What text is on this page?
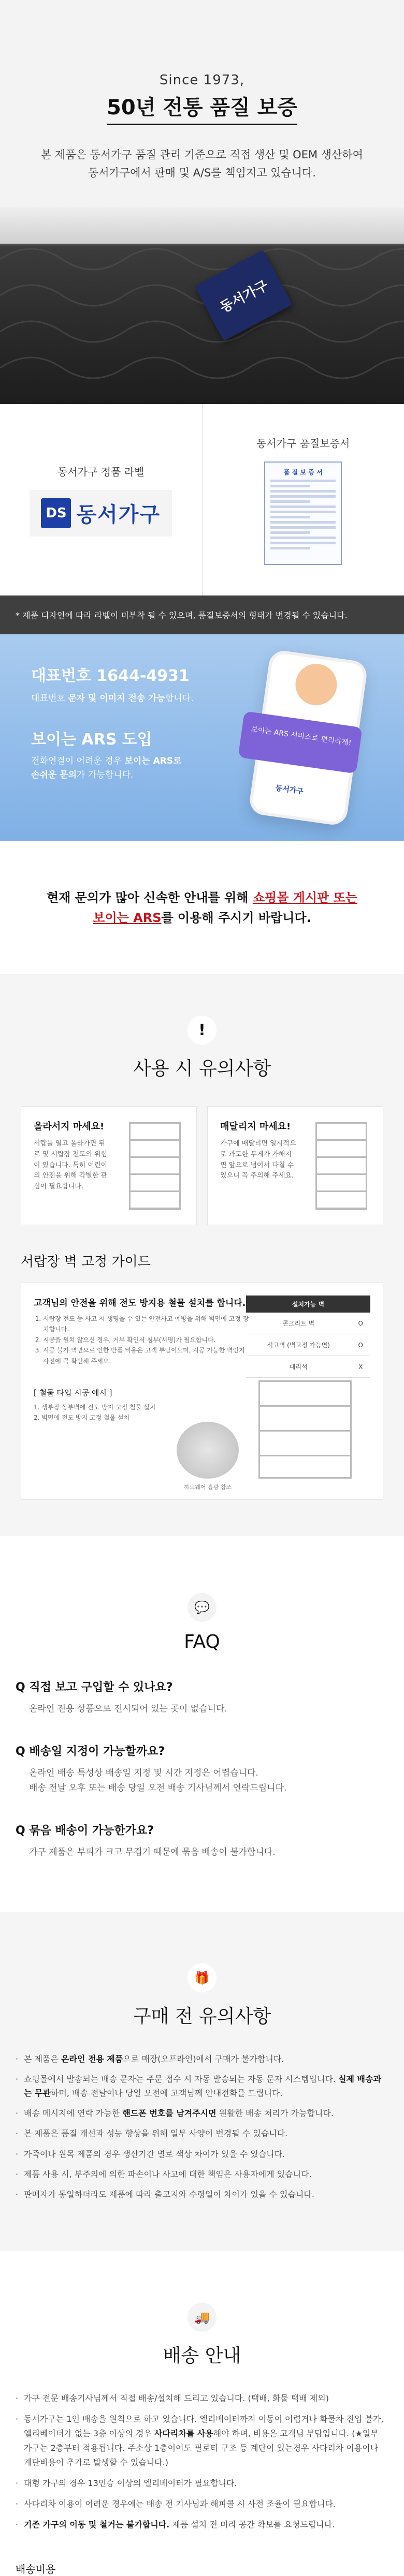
Since 1973,
50년 전통 품질 보증
본 제품은 동서가구 품질 관리 기준으로 직접 생산 및 OEM 생산하여
동서가구에서 판매 및 A/S를 책임지고 있습니다.
동서가구
동서가구 정품 라벨
DS 동서가구
동서가구 품질보증서
품 질 보 증 서
* 제품 디자인에 따라 라벨이 미부착 될 수 있으며, 품질보증서의 형태가 변경될 수 있습니다.
대표번호 1644-4931
대표번호 문자 및 이미지 전송 가능합니다.
보이는 ARS 도입
전화연결이 어려운 경우 보이는 ARS로
손쉬운 문의가 가능합니다.
보이는 ARS 서비스로 편리하게!
동서가구
현재 문의가 많아 신속한 안내를 위해 쇼핑몰 게시판 또는
보이는 ARS를 이용해 주시기 바랍니다.
!
사용 시 유의사항
올라서지 마세요!

서랍을 열고 올라가면 뒤로 및 서랍장 전도의 위험이 있습니다. 특히 어린이의 안전을 위해 각별한 관심이 필요합니다.

매달리지 마세요!

가구에 매달리면 일시적으로 과도한 무게가 가해지면 앞으로 넘어서 다칠 수 있으니 꼭 주의해 주세요.

서랍장 벽 고정 가이드
고객님의 안전을 위해 전도 방지용 철물 설치를 합니다.
1. 서랍장 전도 등 사고 시 생명을 수 있는 안전사고 예방을 위해 벽면에 고정 장치합니다.
2. 시공을 원치 않으신 경우, 거부 확인서 첨부(서명)가 필요합니다.
3. 시공 불가 벽면으로 인한 반품 비용은 고객 부담이오며, 시공 가능한 벽인지 사전에 꼭 확인해 주세요.
설치가능 벽	
콘크리트 벽	O
석고벽 (벽고정 가능면)	O
대리석	X
[ 철물 타입 시공 예시 ]
1. 생부장 상부벽에 전도 방지 고정 철물 설치
2. 벽면에 전도 방지 고정 철물 설치
하드웨어 흡광 참조
💬
FAQ
Q 직접 보고 구입할 수 있나요?
온라인 전용 상품으로 전시되어 있는 곳이 없습니다.
Q 배송일 지정이 가능할까요?
온라인 배송 특성상 배송일 지정 및 시간 지정은 어렵습니다.
배송 전날 오후 또는 배송 당일 오전 배송 기사님께서 연락드립니다.
Q 묶음 배송이 가능한가요?
가구 제품은 부피가 크고 무겁기 때문에 묶음 배송이 불가합니다.
🎁
구매 전 유의사항
· 본 제품은 온라인 전용 제품으로 매장(오프라인)에서 구매가 불가합니다.
· 쇼핑몰에서 발송되는 배송 문자는 주문 접수 시 자동 발송되는 자동 문자 시스템입니다. 실제 배송과는 무관하며, 배송 전날이나 당일 오전에 고객님께 안내전화를 드립니다.
· 배송 메시지에 연락 가능한 핸드폰 번호를 남겨주시면 원활한 배송 처리가 가능합니다.
· 본 제품은 품질 개선과 성능 향상을 위해 일부 사양이 변경될 수 있습니다.
· 가죽이나 원목 제품의 경우 생산기간 별로 색상 차이가 있을 수 있습니다.
· 제품 사용 시, 부주의에 의한 파손이나 사고에 대한 책임은 사용자에게 있습니다.
· 판매자가 동일하더라도 제품에 따라 출고지와 수령일이 차이가 있을 수 있습니다.
🚚
배송 안내
· 가구 전문 배송기사님께서 직접 배송/설치해 드리고 있습니다. (택배, 화물 택배 제외)
· 동서가구는 1인 배송을 원칙으로 하고 있습니다. 엘리베이터까지 이동이 어렵거나 화물차 진입 불가, 엘리베이터가 없는 3층 이상의 경우 사다리차를 사용해야 하며, 비용은 고객님 부담입니다. (★일부 가구는 2층부터 적용됩니다. 주소상 1층이어도 필로티 구조 등 계단이 있는경우 사다리차 이용이나 계단비용이 추가로 발생할 수 있습니다.)
· 대형 가구의 경우 13인승 이상의 엘리베이터가 필요합니다.
· 사다리차 이용이 어려운 경우에는 배송 전 기사님과 해피콜 시 사전 조율이 필요합니다.
· 기존 가구의 이동 및 철거는 불가합니다. 제품 설치 전 미리 공간 확보를 요청드립니다.
배송비용
